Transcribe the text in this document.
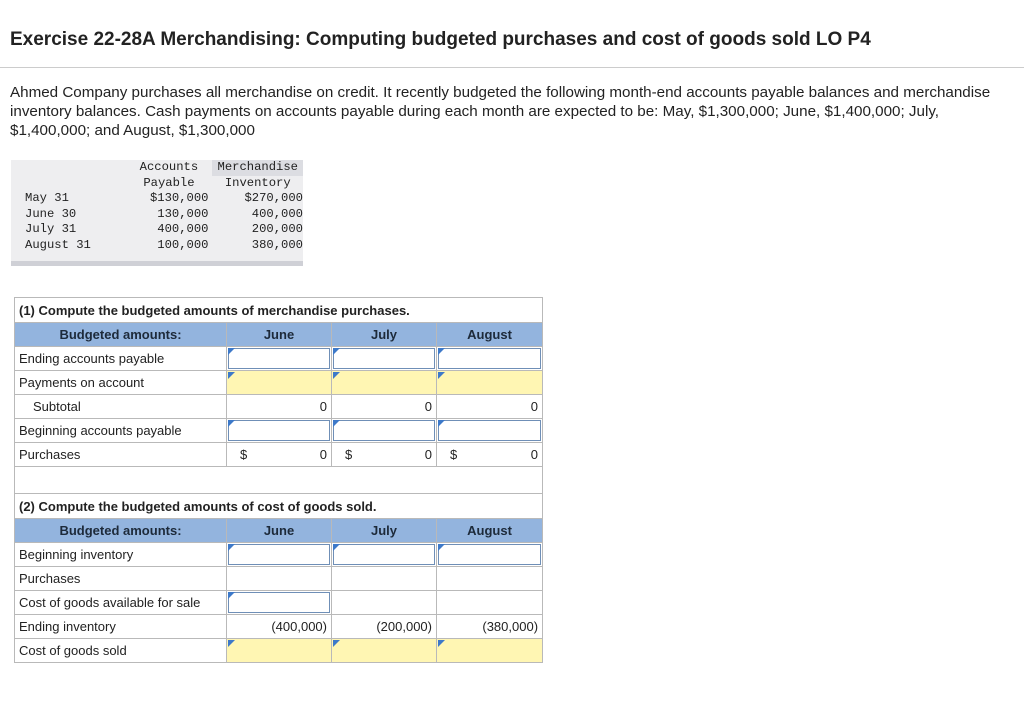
Exercise 22-28A Merchandising: Computing budgeted purchases and cost of goods sold LO P4

Ahmed Company purchases all merchandise on credit. It recently budgeted the following month-end accounts payable balances and merchandise inventory balances. Cash payments on accounts payable during each month are expected to be: May, $1,300,000; June, $1,400,000; July, $1,400,000; and August, $1,300,000

	Accounts	Merchandise
	Payable	Inventory
May 31	$130,000	$270,000
June 30	130,000	400,000
July 31	400,000	200,000
August 31	100,000	380,000
(1) Compute the budgeted amounts of merchandise purchases.			
Budgeted amounts:	June	July	August
Ending accounts payable	

Payments on account	

Subtotal	0	0	0
Beginning accounts payable	

Purchases	$ 0	$ 0	$ 0

(2) Compute the budgeted amounts of cost of goods sold.			
Budgeted amounts:	June	July	August
Beginning inventory	

Purchases			
Cost of goods available for sale	

Ending inventory	(400,000)	(200,000)	(380,000)
Cost of goods sold	
